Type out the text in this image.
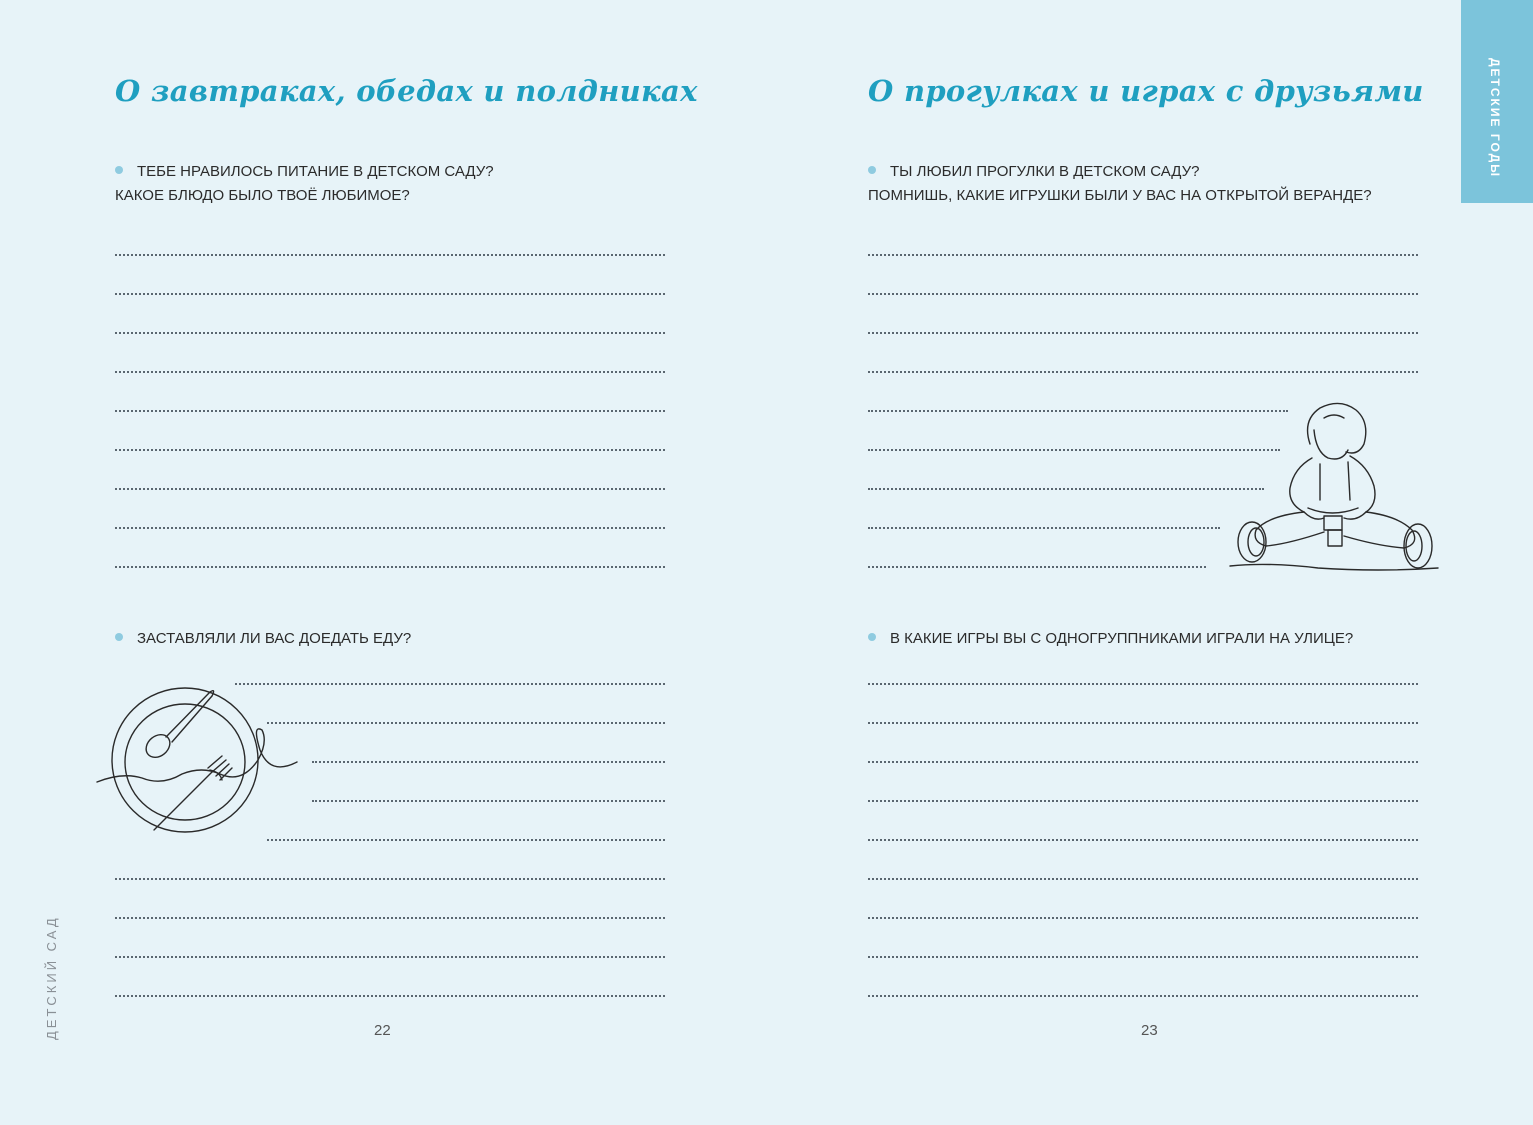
О завтраках, обедах и полдниках
ТЕБЕ НРАВИЛОСЬ ПИТАНИЕ В ДЕТСКОМ САДУ?
КАКОЕ БЛЮДО БЫЛО ТВОЁ ЛЮБИМОЕ?
ЗАСТАВЛЯЛИ ЛИ ВАС ДОЕДАТЬ ЕДУ?
ДЕТСКИЙ САД	22
О прогулках и играх с друзьями
ТЫ ЛЮБИЛ ПРОГУЛКИ В ДЕТСКОМ САДУ?
ПОМНИШЬ, КАКИЕ ИГРУШКИ БЫЛИ У ВАС НА ОТКРЫТОЙ ВЕРАНДЕ?
В КАКИЕ ИГРЫ ВЫ С ОДНОГРУППНИКАМИ ИГРАЛИ НА УЛИЦЕ?
23
ДЕТСКИЕ ГОДЫ
